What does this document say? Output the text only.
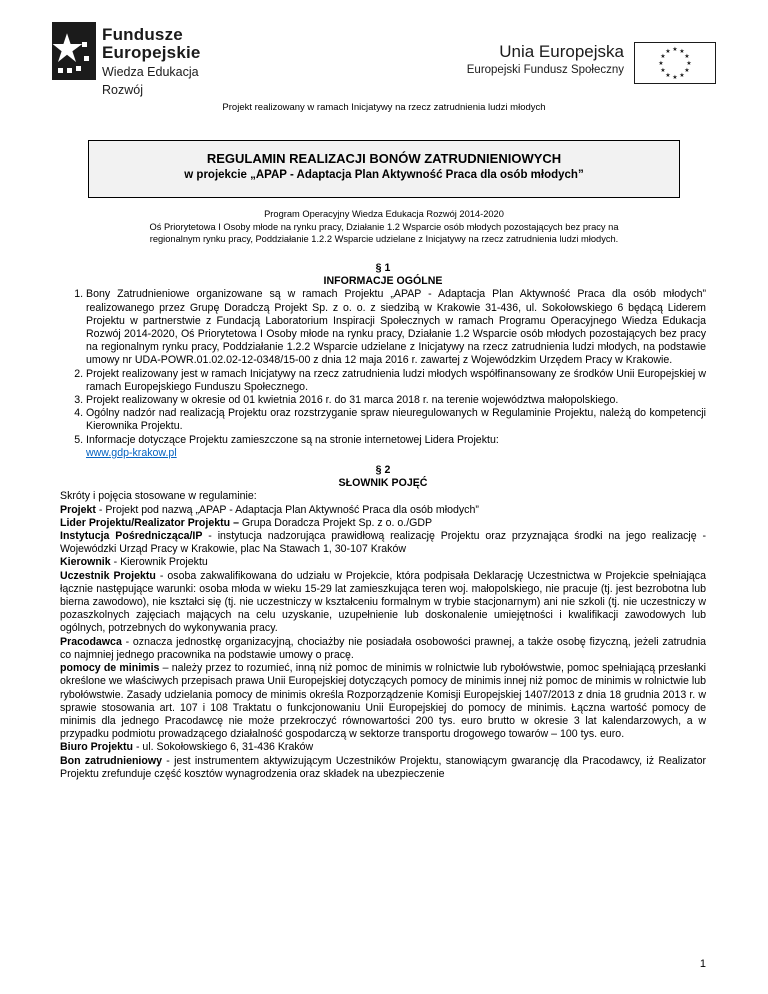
Fundusze
Europejskie
Wiedza Edukacja Rozwój
Unia Europejska
Europejski Fundusz Społeczny
★ ★
★
★
★
★
★
★
★
★
★
★
Projekt realizowany w ramach Inicjatywy na rzecz zatrudnienia ludzi młodych
REGULAMIN REALIZACJI BONÓW ZATRUDNIENIOWYCH
w projekcie „APAP - Adaptacja Plan Aktywność Praca dla osób młodych”
Program Operacyjny Wiedza Edukacja Rozwój 2014-2020
Oś Priorytetowa I Osoby młode na rynku pracy, Działanie 1.2 Wsparcie osób młodych pozostających bez pracy na
regionalnym rynku pracy, Poddziałanie 1.2.2 Wsparcie udzielane z Inicjatywy na rzecz zatrudnienia ludzi młodych.
§ 1
INFORMACJE OGÓLNE
1. Bony Zatrudnieniowe organizowane są w ramach Projektu „APAP - Adaptacja Plan Aktywność Praca dla osób młodych” realizowanego przez Grupę Doradczą Projekt Sp. z o. o. z siedzibą w Krakowie 31-436, ul. Sokołowskiego 6 będącą Liderem Projektu w partnerstwie z Fundacją Laboratorium Inspiracji Społecznych w ramach Programu Operacyjnego Wiedza Edukacja Rozwój 2014-2020, Oś Priorytetowa I Osoby młode na rynku pracy, Działanie 1.2 Wsparcie osób młodych pozostających bez pracy na regionalnym rynku pracy, Poddziałanie 1.2.2 Wsparcie udzielane z Inicjatywy na rzecz zatrudnienia ludzi młodych, na podstawie umowy nr UDA-POWR.01.02.02-12-0348/15-00 z dnia 12 maja 2016 r. zawartej z Wojewódzkim Urzędem Pracy w Krakowie.
2. Projekt realizowany jest w ramach Inicjatywy na rzecz zatrudnienia ludzi młodych współfinansowany ze środków Unii Europejskiej w ramach Europejskiego Funduszu Społecznego.
3. Projekt realizowany w okresie od 01 kwietnia 2016 r. do 31 marca 2018 r. na terenie województwa małopolskiego.
4. Ogólny nadzór nad realizacją Projektu oraz rozstrzyganie spraw nieuregulowanych w Regulaminie Projektu, należą do kompetencji Kierownika Projektu.
5. Informacje dotyczące Projektu zamieszczone są na stronie internetowej Lidera Projektu:
www.gdp-krakow.pl
§ 2
SŁOWNIK POJĘĆ
Skróty i pojęcia stosowane w regulaminie:
Projekt - Projekt pod nazwą „APAP - Adaptacja Plan Aktywność Praca dla osób młodych”
Lider Projektu/Realizator Projektu – Grupa Doradcza Projekt Sp. z o. o./GDP
Instytucja Pośrednicząca/IP - instytucja nadzorująca prawidłową realizację Projektu oraz przyznająca środki na jego realizację - Wojewódzki Urząd Pracy w Krakowie, plac Na Stawach 1, 30-107 Kraków
Kierownik - Kierownik Projektu
Uczestnik Projektu - osoba zakwalifikowana do udziału w Projekcie, która podpisała Deklarację Uczestnictwa w Projekcie spełniająca łącznie następujące warunki: osoba młoda w wieku 15-29 lat zamieszkująca teren woj. małopolskiego, nie pracuje (tj. jest bezrobotna lub bierna zawodowo), nie kształci się (tj. nie uczestniczy w kształceniu formalnym w trybie stacjonarnym) ani nie szkoli (tj. nie uczestniczy w pozaszkolnych zajęciach mających na celu uzyskanie, uzupełnienie lub doskonalenie umiejętności i kwalifikacji zawodowych lub ogólnych, potrzebnych do wykonywania pracy.
Pracodawca - oznacza jednostkę organizacyjną, chociażby nie posiadała osobowości prawnej, a także osobę fizyczną, jeżeli zatrudnia co najmniej jednego pracownika na podstawie umowy o pracę.
pomocy de minimis – należy przez to rozumieć, inną niż pomoc de minimis w rolnictwie lub rybołówstwie, pomoc spełniającą przesłanki określone we właściwych przepisach prawa Unii Europejskiej dotyczących pomocy de minimis innej niż pomoc de minimis w rolnictwie lub rybołówstwie. Zasady udzielania pomocy de minimis określa Rozporządzenie Komisji Europejskiej 1407/2013 z dnia 18 grudnia 2013 r. w sprawie stosowania art. 107 i 108 Traktatu o funkcjonowaniu Unii Europejskiej do pomocy de minimis. Łączna wartość pomocy de minimis dla jednego Pracodawcę nie może przekroczyć równowartości 200 tys. euro brutto w okresie 3 lat kalendarzowych, a w przypadku podmiotu prowadzącego działalność gospodarczą w sektorze transportu drogowego towarów – 100 tys. euro.
Biuro Projektu - ul. Sokołowskiego 6, 31-436 Kraków
Bon zatrudnieniowy - jest instrumentem aktywizującym Uczestników Projektu, stanowiącym gwarancję dla Pracodawcy, iż Realizator Projektu zrefunduje część kosztów wynagrodzenia oraz składek na ubezpieczenie
1
